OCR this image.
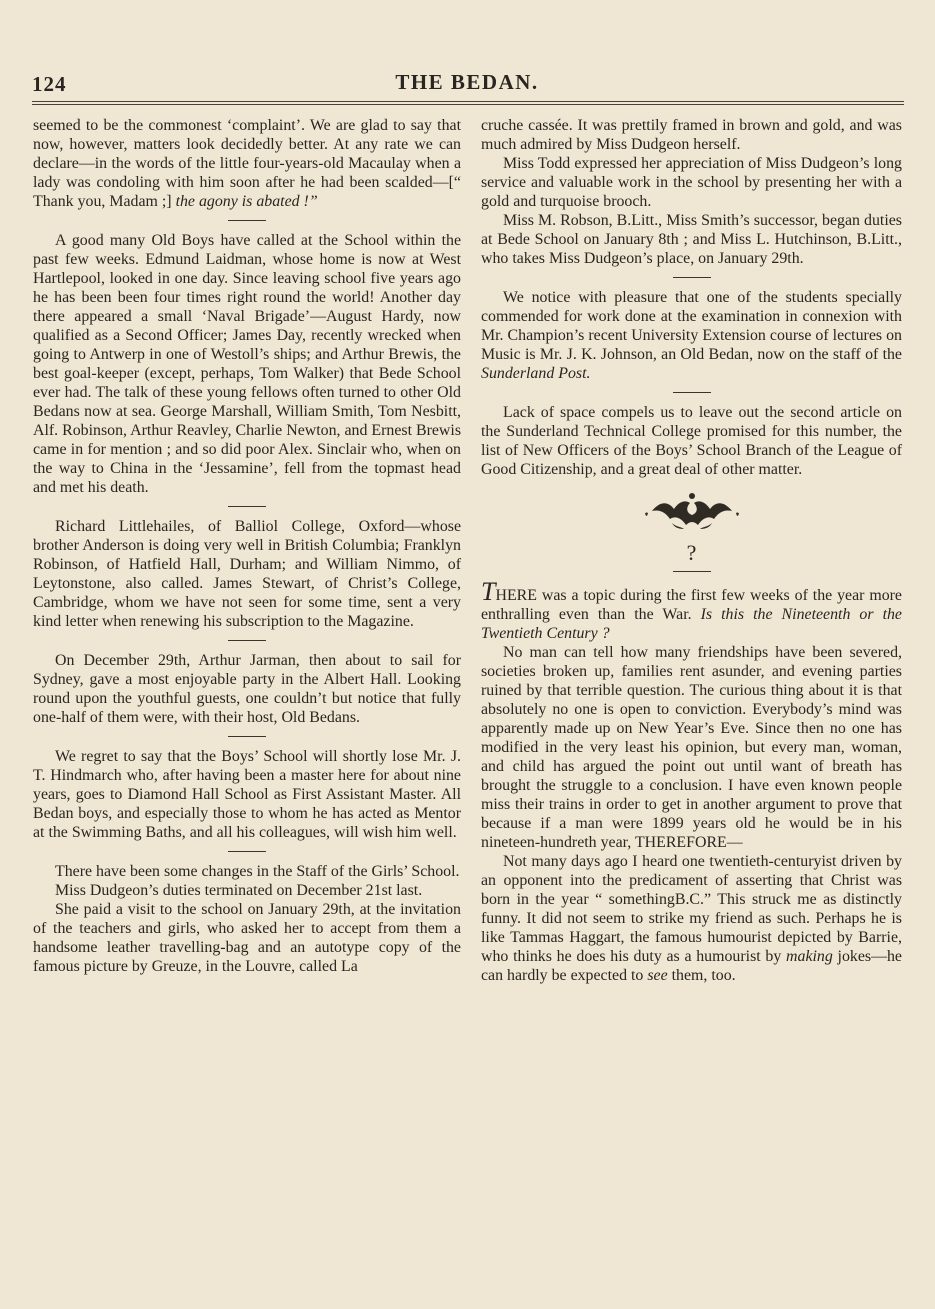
124	THE BEDAN.

seemed to be the commonest ‘complaint’. We are glad to say that now, however, matters look decidedly better. At any rate we can declare—in the words of the little four-years-old Macaulay when a lady was condoling with him soon after he had been scalded—[“ Thank you, Madam ;] the agony is abated !”

A good many Old Boys have called at the School within the past few weeks. Edmund Laidman, whose home is now at West Hartlepool, looked in one day. Since leaving school five years ago he has been been four times right round the world! Another day there appeared a small ‘Naval Brigade’—August Hardy, now qualified as a Second Officer; James Day, recently wrecked when going to Antwerp in one of Westoll’s ships; and Arthur Brewis, the best goal-keeper (except, perhaps, Tom Walker) that Bede School ever had. The talk of these young fellows often turned to other Old Bedans now at sea. George Marshall, William Smith, Tom Nesbitt, Alf. Robinson, Arthur Reavley, Charlie Newton, and Ernest Brewis came in for mention ; and so did poor Alex. Sinclair who, when on the way to China in the ‘Jessamine’, fell from the topmast head and met his death.

Richard Littlehailes, of Balliol College, Oxford—whose brother Anderson is doing very well in British Columbia; Franklyn Robinson, of Hatfield Hall, Durham; and William Nimmo, of Leytonstone, also called. James Stewart, of Christ’s College, Cambridge, whom we have not seen for some time, sent a very kind letter when renewing his subscription to the Magazine.

On December 29th, Arthur Jarman, then about to sail for Sydney, gave a most enjoyable party in the Albert Hall. Looking round upon the youthful guests, one couldn’t but notice that fully one-half of them were, with their host, Old Bedans.

We regret to say that the Boys’ School will shortly lose Mr. J. T. Hindmarch who, after having been a master here for about nine years, goes to Diamond Hall School as First Assistant Master. All Bedan boys, and especially those to whom he has acted as Mentor at the Swimming Baths, and all his colleagues, will wish him well.

There have been some changes in the Staff of the Girls’ School.

Miss Dudgeon’s duties terminated on December 21st last.

She paid a visit to the school on January 29th, at the invitation of the teachers and girls, who asked her to accept from them a handsome leather travelling-bag and an autotype copy of the famous picture by Greuze, in the Louvre, called La

cruche cassée. It was prettily framed in brown and gold, and was much admired by Miss Dudgeon herself.

Miss Todd expressed her appreciation of Miss Dudgeon’s long service and valuable work in the school by presenting her with a gold and turquoise brooch.

Miss M. Robson, B.Litt., Miss Smith’s successor, began duties at Bede School on January 8th ; and Miss L. Hutchinson, B.Litt., who takes Miss Dudgeon’s place, on January 29th.

We notice with pleasure that one of the students specially commended for work done at the examination in connexion with Mr. Champion’s recent University Extension course of lectures on Music is Mr. J. K. Johnson, an Old Bedan, now on the staff of the Sunderland Post.

Lack of space compels us to leave out the second article on the Sunderland Technical College promised for this number, the list of New Officers of the Boys’ School Branch of the League of Good Citizenship, and a great deal of other matter.

?

THERE was a topic during the first few weeks of the year more enthralling even than the War. Is this the Nineteenth or the Twentieth Century ?

No man can tell how many friendships have been severed, societies broken up, families rent asunder, and evening parties ruined by that terrible question. The curious thing about it is that absolutely no one is open to conviction. Everybody’s mind was apparently made up on New Year’s Eve. Since then no one has modified in the very least his opinion, but every man, woman, and child has argued the point out until want of breath has brought the struggle to a conclusion. I have even known people miss their trains in order to get in another argument to prove that because if a man were 1899 years old he would be in his nineteen-hundreth year, THEREFORE—

Not many days ago I heard one twentieth-centuryist driven by an opponent into the predicament of asserting that Christ was born in the year “ somethingB.C.” This struck me as distinctly funny. It did not seem to strike my friend as such. Perhaps he is like Tammas Haggart, the famous humourist depicted by Barrie, who thinks he does his duty as a humourist by making jokes—he can hardly be expected to see them, too.
